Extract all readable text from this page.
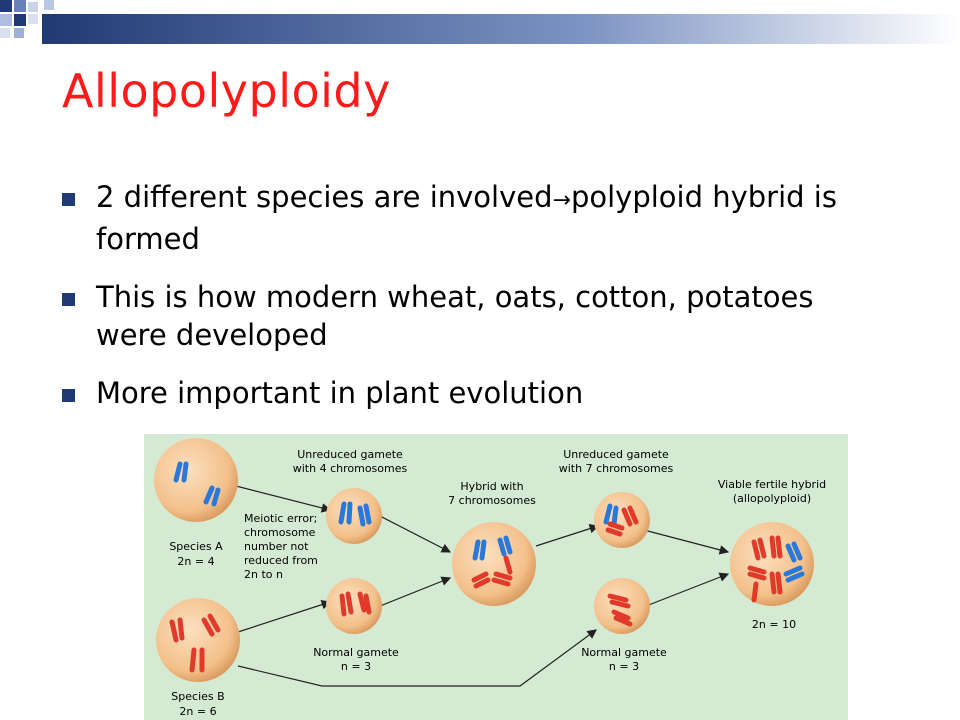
Allopolyploidy
2 different species are involved→polyploid hybrid is formed
This is how modern wheat, oats, cotton, potatoes were developed
More important in plant evolution
Species A
2n = 4
Species B
2n = 6
Unreduced gamete
with 4 chromosomes
Meiotic error;
chromosome
number not
reduced from
2n to n
Normal gamete
n = 3
Hybrid with
7 chromosomes
Unreduced gamete
with 7 chromosomes
Normal gamete
n = 3
Viable fertile hybrid
(allopolyploid)
2n = 10
